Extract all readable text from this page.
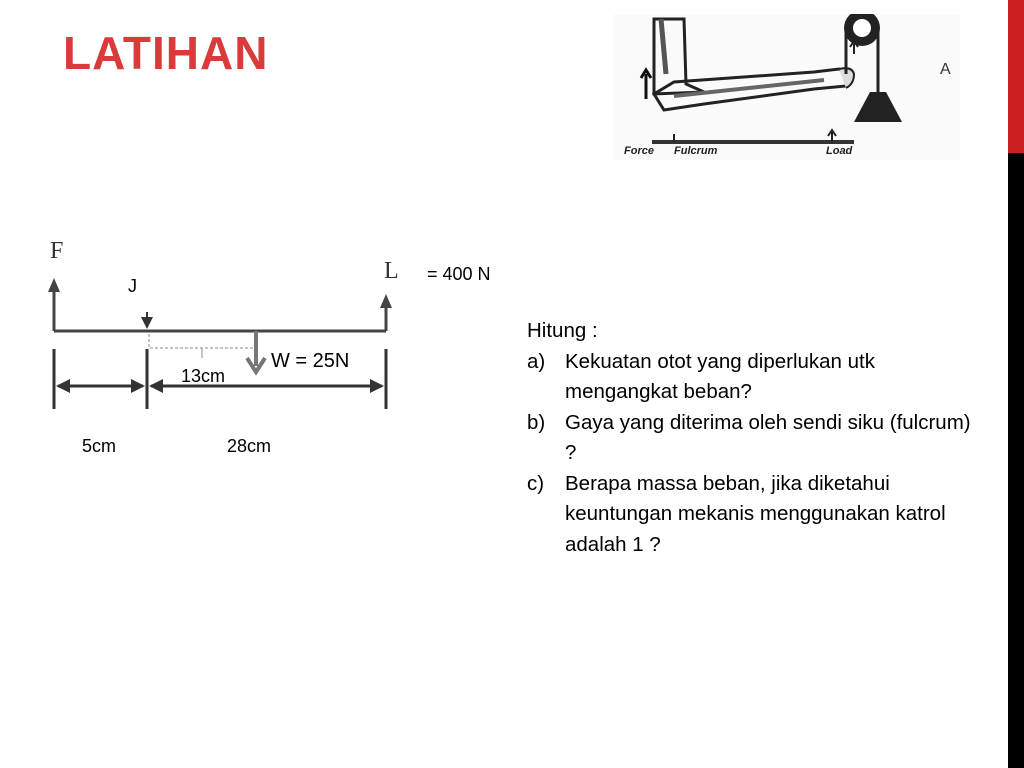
LATIHAN
Force Fulcrum	Load
A
F
L
J
= 400 N
W = 25N
13cm
5cm	28cm

Hitung :

a) Kekuatan otot yang diperlukan utk mengangkat beban?
b) Gaya yang diterima oleh sendi siku (fulcrum) ?
c)	Berapa massa beban, jika diketahui keuntungan mekanis menggunakan katrol adalah 1 ?
